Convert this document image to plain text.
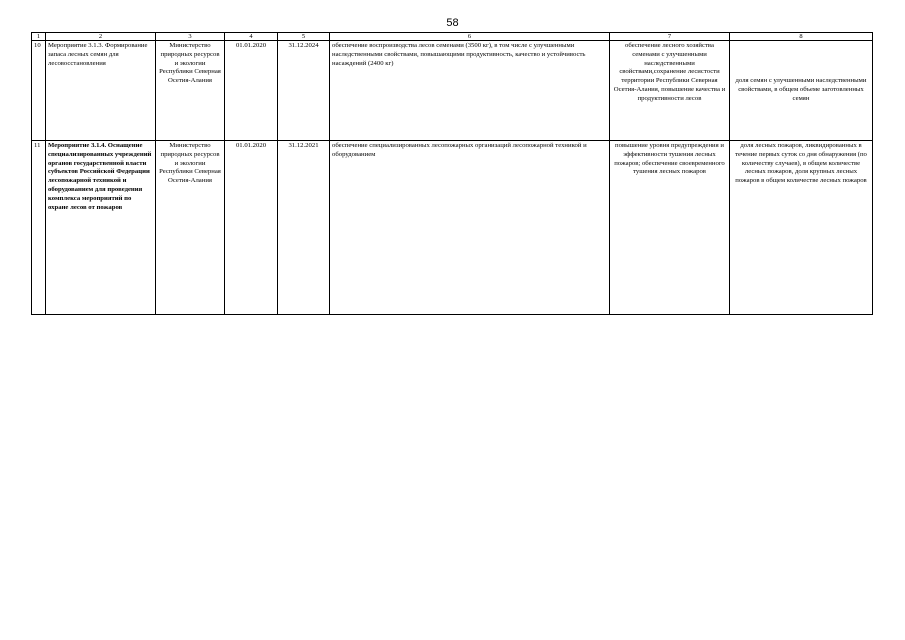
58
1	2	3	4	5	6	7	8
10	Мероприятие 3.1.3. Формирование запаса лесных семян для лесовосстановления	Министерство природных ресурсов и экологии Республики Северная Осетия-Алания	01.01.2020	31.12.2024	обеспечение воспроизводства лесов семенами (3500 кг), в том числе с улучшенными наследственными свойствами, повышающими продуктивность, качество и устойчивость насаждений (2400 кг)	обеспечение лесного хозяйства семенами с улучшенными наследственными свойствами,сохранение лесистости территории Республики Северная Осетия-Алания, повышение качества и продуктивности лесов	доля семян с улучшенными наследственными свойствами, в общем объеме заготовленных семян
11	Мероприятие 3.1.4. Оснащение специализированных учреждений органов государственной власти субъектов Российской Федерации лесопожарной техникой и оборудованием для проведения комплекса мероприятий по охране лесов от пожаров	Министерство природных ресурсов и экологии Республики Северная Осетия-Алания	01.01.2020	31.12.2021	обеспечение специализированных лесопожарных организаций лесопожарной техникой и оборудованием	повышение уровня предупреждения и эффективности тушения лесных пожаров; обеспечение своевременного тушения лесных пожаров	доля лесных пожаров, ликвидированных в течение первых суток со дня обнаружения (по количеству случаев), в общем количестве лесных пожаров, доля крупных лесных пожаров в общем количестве лесных пожаров
